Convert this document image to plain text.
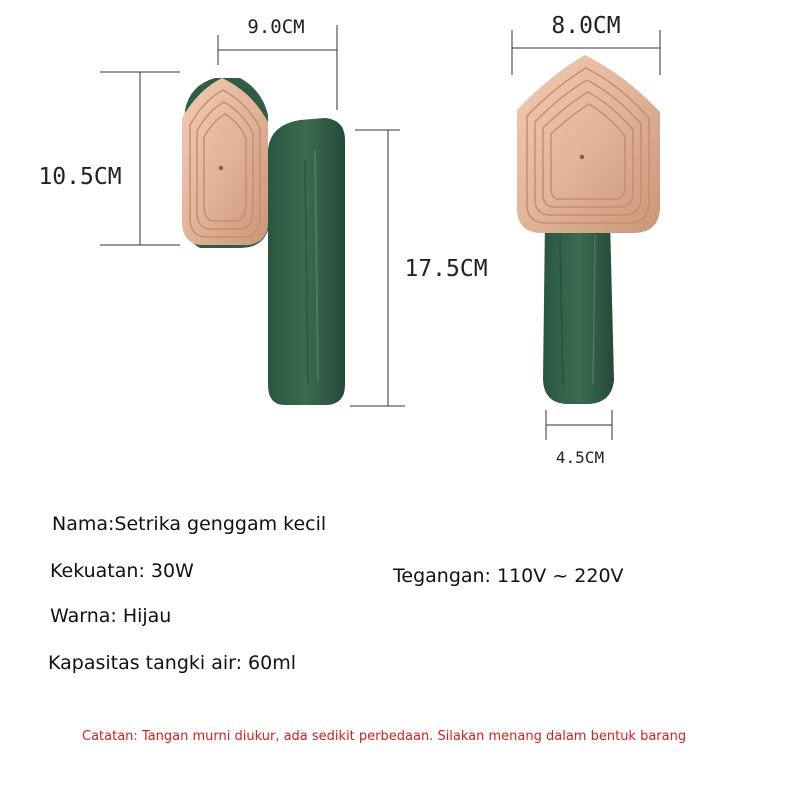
9.0CM
10.5CM
17.5CM
8.0CM
4.5CM
Nama:Setrika genggam kecil
Kekuatan: 30W	Tegangan: 110V ~ 220V
Warna: Hijau
Kapasitas tangki air: 60ml
Catatan: Tangan murni diukur, ada sedikit perbedaan. Silakan menang dalam bentuk barang
